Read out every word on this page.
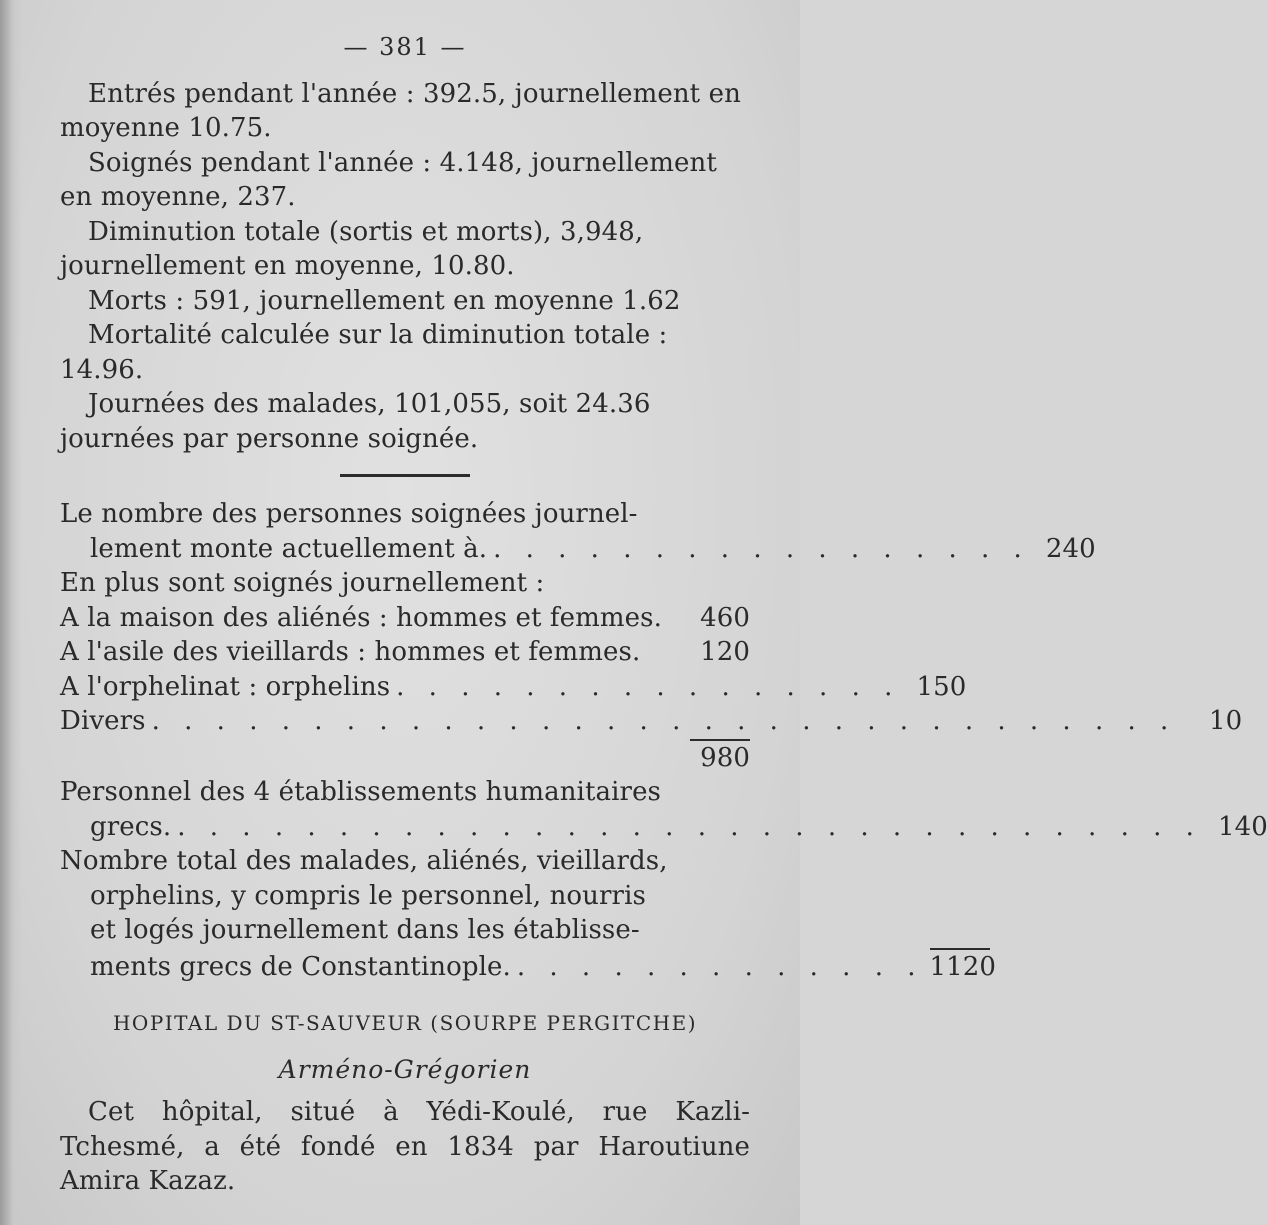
— 381 —

Entrés pendant l'année : 392.5, journellement en moyenne 10.75.

Soignés pendant l'année : 4.148, journellement en moyenne, 237.

Diminution totale (sortis et morts), 3,948, journellement en moyenne, 10.80.

Morts : 591, journellement en moyenne 1.62

Mortalité calculée sur la diminution totale : 14.96.

Journées des malades, 101,055, soit 24.36 journées par personne soignée.

Le nombre des personnes soignées journel-

lement monte actuellement à. . . . . . . . . . . . . . . . . . 240

En plus sont soignés journellement :

A la maison des aliénés : hommes et femmes.	460
A l'asile des vieillards : hommes et femmes.	120
A l'orphelinat : orphelins . . . . . . . . . . . . . . . . 150
Divers . . . . . . . . . . . . . . . . . . . . . . . . . . . . . . . .	10
980

Personnel des 4 établissements humanitaires

grecs. . . . . . . . . . . . . . . . . . . . . . . . . . . . . . . . . 140

Nombre total des malades, aliénés, vieillards,

orphelins, y compris le personnel, nourris

et logés journellement dans les établisse-

ments grecs de Constantinople. . . . . . . . . . . . . . 1120
HOPITAL DU ST-SAUVEUR (SOURPE PERGITCHE)
Arméno-Grégorien

Cet hôpital, situé à Yédi-Koulé, rue Kazli-Tchesmé, a été fondé en 1834 par Haroutiune Amira Kazaz.
